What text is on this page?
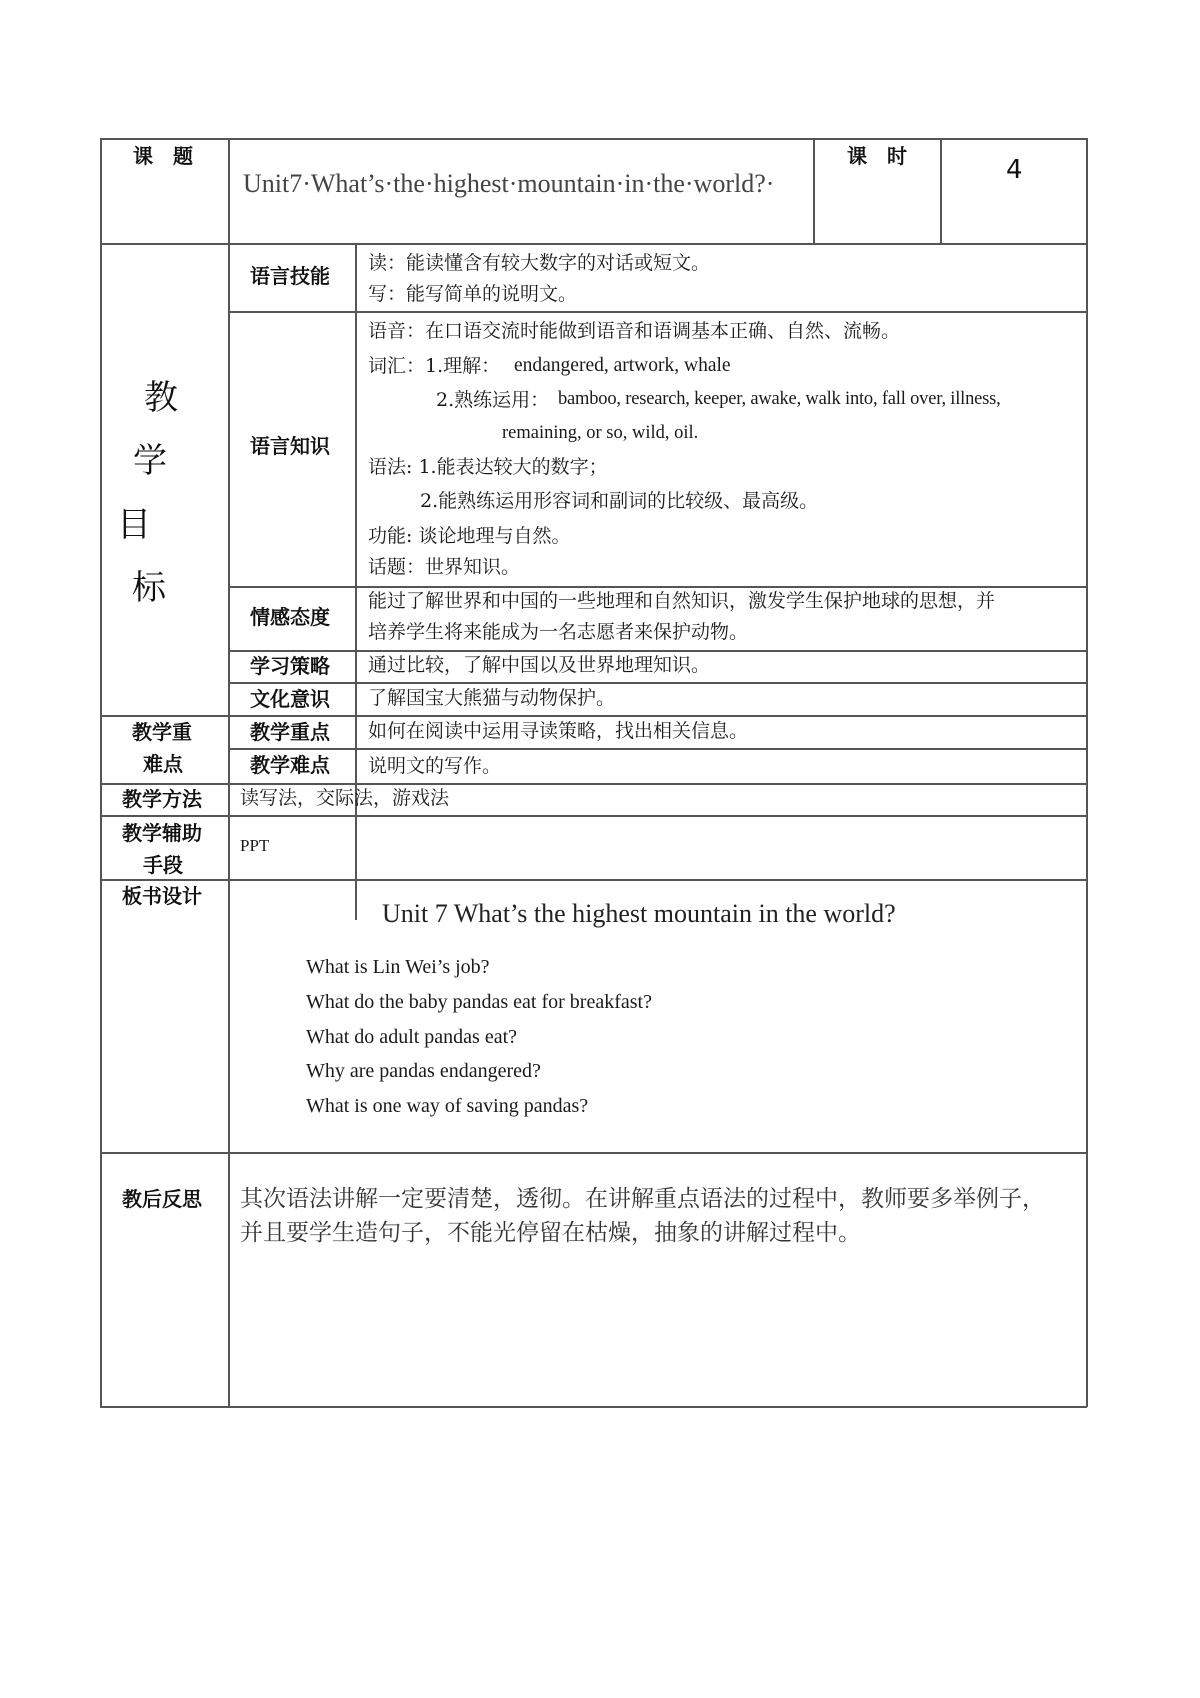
课　题
Unit7·What’s·the·highest·mountain·in·the·world?·
课　时	4
教
学
目
标
语言技能
读：能读懂含有较大数字的对话或短文。
写：能写简单的说明文。
语言知识
语音：在口语交流时能做到语音和语调基本正确、自然、流畅。
词汇：1.理解： endangered, artwork, whale
2.熟练运用： bamboo, research, keeper, awake, walk into, fall over, illness,
remaining, or so, wild, oil.
语法: 1.能表达较大的数字；
2.能熟练运用形容词和副词的比较级、最高级。
功能: 谈论地理与自然。
话题：世界知识。
情感态度
能过了解世界和中国的一些地理和自然知识，激发学生保护地球的思想，并
培养学生将来能成为一名志愿者来保护动物。
学习策略 通过比较，了解中国以及世界地理知识。
文化意识 了解国宝大熊猫与动物保护。
教学重
难点
教学重点 如何在阅读中运用寻读策略，找出相关信息。
教学难点 说明文的写作。
教学方法 读写法，交际法，游戏法
教学辅助
手段
PPT
板书设计
Unit 7 What’s the highest mountain in the world?
What is Lin Wei’s job?
What do the baby pandas eat for breakfast?
What do adult pandas eat?
Why are pandas endangered?
What is one way of saving pandas?
教后反思 其次语法讲解一定要清楚，透彻。在讲解重点语法的过程中，教师要多举例子，
并且要学生造句子，不能光停留在枯燥，抽象的讲解过程中。
